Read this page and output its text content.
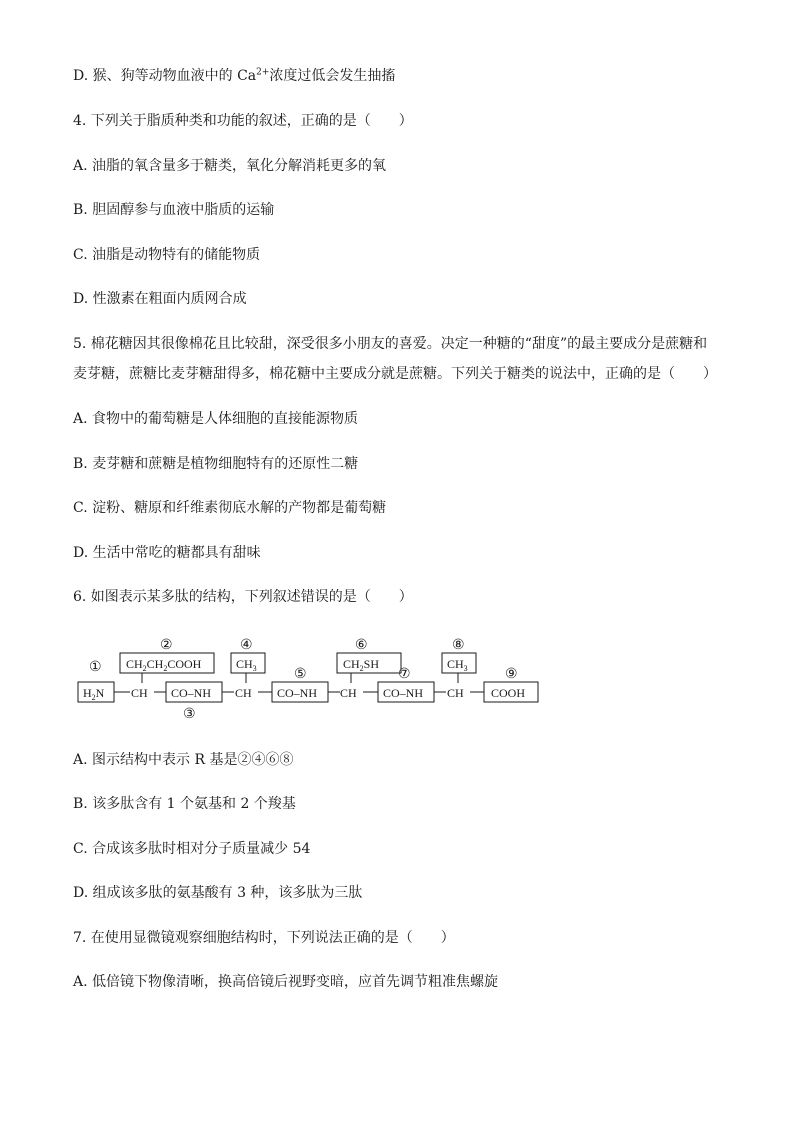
D. 猴、狗等动物血液中的 $Ca^{2+}$浓度过低会发生抽搐
4. 下列关于脂质种类和功能的叙述，正确的是（　　）
A. 油脂的氧含量多于糖类，氧化分解消耗更多的氧
B. 胆固醇参与血液中脂质的运输
C. 油脂是动物特有的储能物质
D. 性激素在粗面内质网合成
5. 棉花糖因其很像棉花且比较甜，深受很多小朋友的喜爱。决定一种糖的“甜度”的最主要成分是蔗糖和
麦芽糖，蔗糖比麦芽糖甜得多，棉花糖中主要成分就是蔗糖。下列关于糖类的说法中，正确的是（　　）
A. 食物中的葡萄糖是人体细胞的直接能源物质
B. 麦芽糖和蔗糖是植物细胞特有的还原性二糖
C. 淀粉、糖原和纤维素彻底水解的产物都是葡萄糖
D. 生活中常吃的糖都具有甜味
6. 如图表示某多肽的结构，下列叙述错误的是（　　）
①
②
③
④
⑤
⑥
⑦
⑧
⑨
$CH_2CH_2COOH$	$CH_3$	$CH_2SH$	$CH_3$
$H_2N$ CH CO–NH CH CO–NH CH CO–NH CH COOH
A. 图示结构中表示 R 基是②④⑥⑧
B. 该多肽含有 1 个氨基和 2 个羧基
C. 合成该多肽时相对分子质量减少 54
D. 组成该多肽的氨基酸有 3 种，该多肽为三肽
7. 在使用显微镜观察细胞结构时，下列说法正确的是（　　）
A. 低倍镜下物像清晰，换高倍镜后视野变暗，应首先调节粗准焦螺旋
